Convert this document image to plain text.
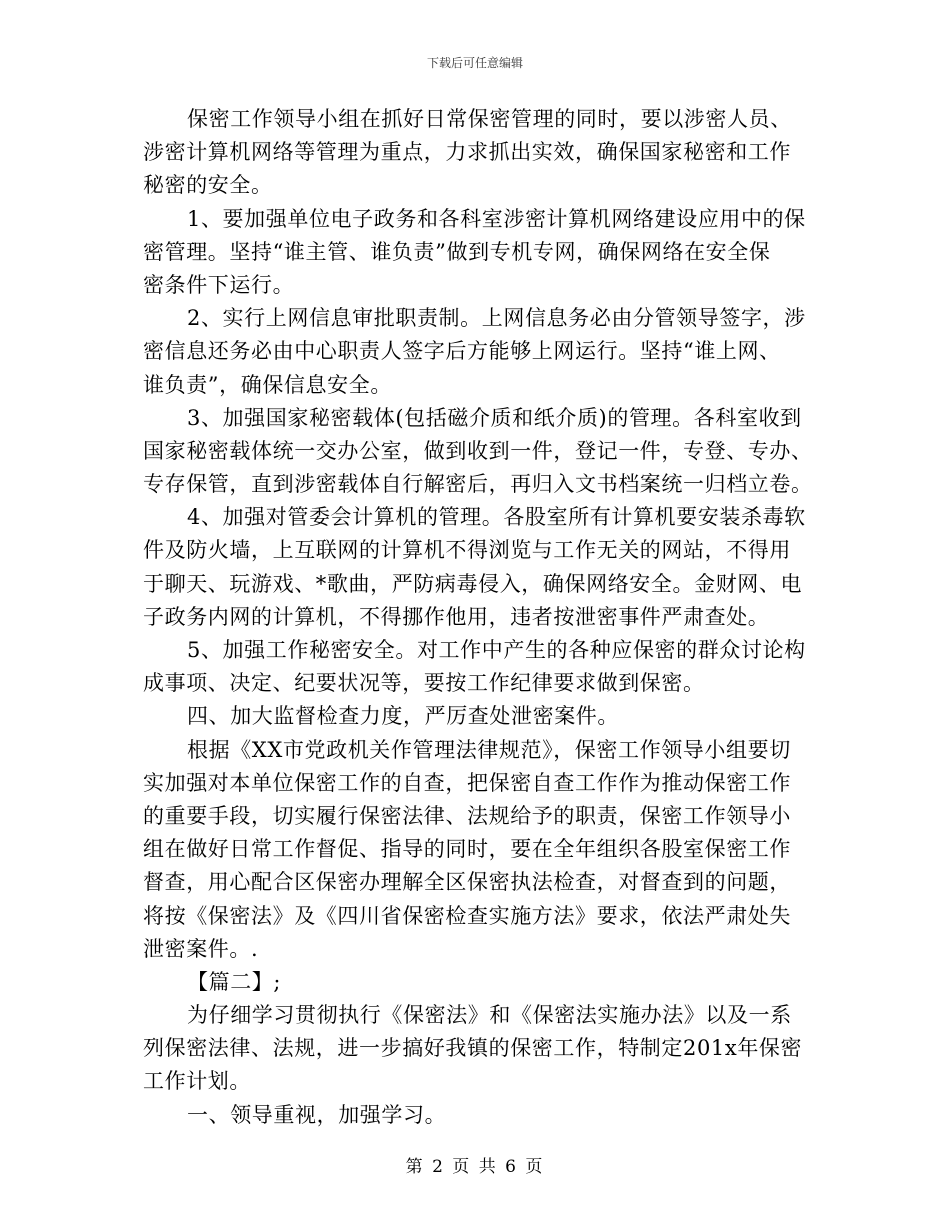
下载后可任意编辑
保密工作领导小组在抓好日常保密管理的同时，要以涉密人员、
涉密计算机网络等管理为重点，力求抓出实效，确保国家秘密和工作
秘密的安全。
1、要加强单位电子政务和各科室涉密计算机网络建设应用中的保
密管理。坚持“谁主管、谁负责”做到专机专网，确保网络在安全保
密条件下运行。
2、实行上网信息审批职责制。上网信息务必由分管领导签字，涉
密信息还务必由中心职责人签字后方能够上网运行。坚持“谁上网、
谁负责”，确保信息安全。
3、加强国家秘密载体(包括磁介质和纸介质)的管理。各科室收到
国家秘密载体统一交办公室，做到收到一件，登记一件，专登、专办、
专存保管，直到涉密载体自行解密后，再归入文书档案统一归档立卷。
4、加强对管委会计算机的管理。各股室所有计算机要安装杀毒软
件及防火墙，上互联网的计算机不得浏览与工作无关的网站，不得用
于聊天、玩游戏、*歌曲，严防病毒侵入，确保网络安全。金财网、电
子政务内网的计算机，不得挪作他用，违者按泄密事件严肃查处。
5、加强工作秘密安全。对工作中产生的各种应保密的群众讨论构
成事项、决定、纪要状况等，要按工作纪律要求做到保密。
四、加大监督检查力度，严厉查处泄密案件。
根据《XX市党政机关作管理法律规范》，保密工作领导小组要切
实加强对本单位保密工作的自查，把保密自查工作作为推动保密工作
的重要手段，切实履行保密法律、法规给予的职责，保密工作领导小
组在做好日常工作督促、指导的同时，要在全年组织各股室保密工作
督查，用心配合区保密办理解全区保密执法检查，对督查到的问题，
将按《保密法》及《四川省保密检查实施方法》要求，依法严肃处失
泄密案件。.
【篇二】;
为仔细学习贯彻执行《保密法》和《保密法实施办法》以及一系
列保密法律、法规，进一步搞好我镇的保密工作，特制定201x年保密
工作计划。
一、领导重视，加强学习。
第 2 页 共 6 页
